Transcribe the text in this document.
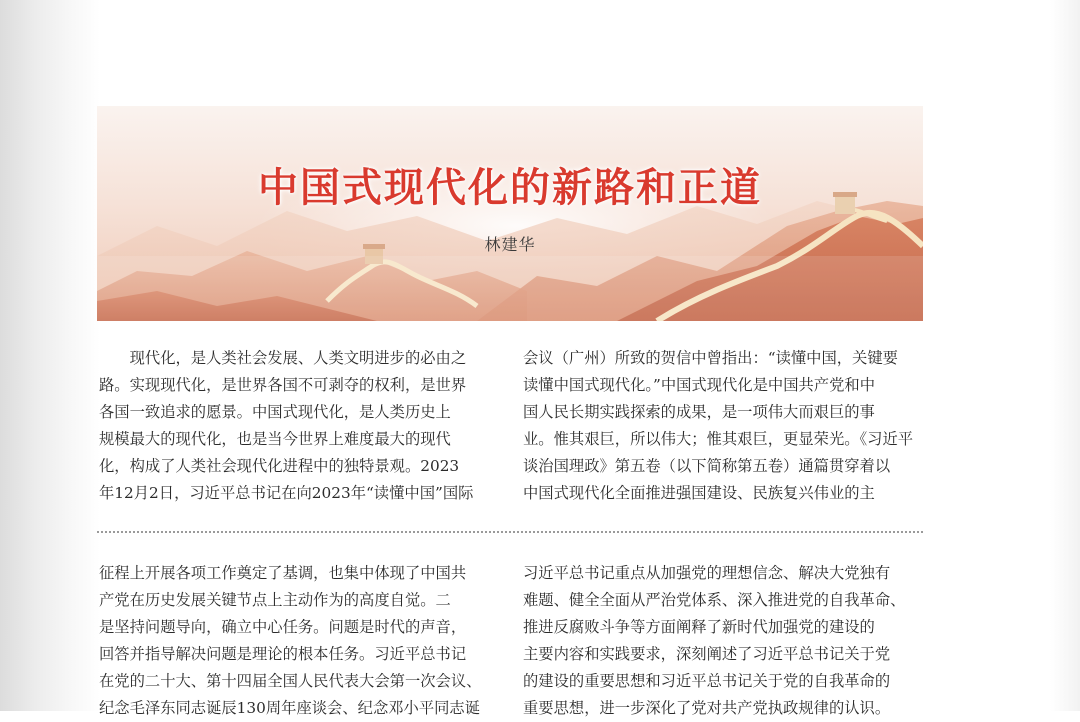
中国式现代化的新路和正道
林建华
　　现代化，是人类社会发展、人类文明进步的必由之
路。实现现代化，是世界各国不可剥夺的权利，是世界
各国一致追求的愿景。中国式现代化，是人类历史上
规模最大的现代化，也是当今世界上难度最大的现代
化，构成了人类社会现代化进程中的独特景观。2023
年12月2日，习近平总书记在向2023年“读懂中国”国际
会议（广州）所致的贺信中曾指出：“读懂中国，关键要
读懂中国式现代化。”中国式现代化是中国共产党和中
国人民长期实践探索的成果，是一项伟大而艰巨的事
业。惟其艰巨，所以伟大；惟其艰巨，更显荣光。《习近平
谈治国理政》第五卷（以下简称第五卷）通篇贯穿着以
中国式现代化全面推进强国建设、民族复兴伟业的主
征程上开展各项工作奠定了基调，也集中体现了中国共
产党在历史发展关键节点上主动作为的高度自觉。二
是坚持问题导向，确立中心任务。问题是时代的声音，
回答并指导解决问题是理论的根本任务。习近平总书记
在党的二十大、第十四届全国人民代表大会第一次会议、
纪念毛泽东同志诞辰130周年座谈会、纪念邓小平同志诞
习近平总书记重点从加强党的理想信念、解决大党独有
难题、健全全面从严治党体系、深入推进党的自我革命、
推进反腐败斗争等方面阐释了新时代加强党的建设的
主要内容和实践要求，深刻阐述了习近平总书记关于党
的建设的重要思想和习近平总书记关于党的自我革命的
重要思想，进一步深化了党对共产党执政规律的认识。
